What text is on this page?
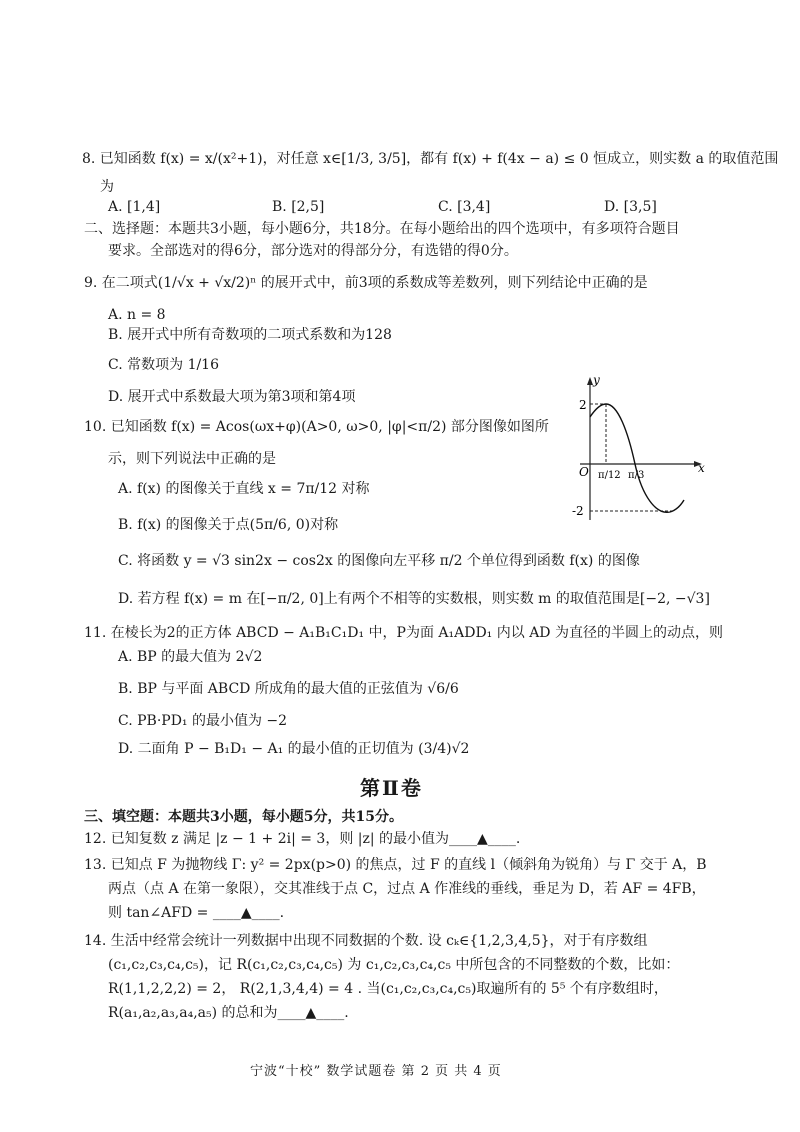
8. 已知函数 f(x) = x/(x²+1)，对任意 x∈[1/3, 3/5]，都有 f(x) + f(4x − a) ≤ 0 恒成立，则实数 a 的取值范围
为
A. [1,4]	B. [2,5]	C. [3,4]	D. [3,5]
二、选择题：本题共3小题，每小题6分，共18分。在每小题给出的四个选项中，有多项符合题目
要求。全部选对的得6分，部分选对的得部分分，有选错的得0分。
9. 在二项式(1/√x + √x/2)ⁿ 的展开式中，前3项的系数成等差数列，则下列结论中正确的是
A. n = 8
B. 展开式中所有奇数项的二项式系数和为128
C. 常数项为 1/16
D. 展开式中系数最大项为第3项和第4项
10. 已知函数 f(x) = Acos(ωx+φ)(A>0, ω>0, |φ|<π/2) 部分图像如图所
示，则下列说法中正确的是
A. f(x) 的图像关于直线 x = 7π/12 对称
B. f(x) 的图像关于点(5π/6, 0)对称
C. 将函数 y = √3 sin2x − cos2x 的图像向左平移 π/2 个单位得到函数 f(x) 的图像
D. 若方程 f(x) = m 在[−π/2, 0]上有两个不相等的实数根，则实数 m 的取值范围是[−2, −√3]
y
x
O
2
-2
π/12 π/3
11. 在棱长为2的正方体 ABCD − A₁B₁C₁D₁ 中，P为面 A₁ADD₁ 内以 AD 为直径的半圆上的动点，则
A. BP 的最大值为 2√2
B. BP 与平面 ABCD 所成角的最大值的正弦值为 √6/6
C. PB·PD₁ 的最小值为 −2
D. 二面角 P − B₁D₁ − A₁ 的最小值的正切值为 (3/4)√2
第Ⅱ卷
三、填空题：本题共3小题，每小题5分，共15分。
12. 已知复数 z 满足 |z − 1 + 2i| = 3，则 |z| 的最小值为____▲____.
13. 已知点 F 为抛物线 Γ: y² = 2px(p>0) 的焦点，过 F 的直线 l（倾斜角为锐角）与 Γ 交于 A，B
两点（点 A 在第一象限），交其准线于点 C，过点 A 作准线的垂线，垂足为 D，若 AF = 4FB，
则 tan∠AFD = ____▲____.
14. 生活中经常会统计一列数据中出现不同数据的个数. 设 cₖ∈{1,2,3,4,5}，对于有序数组
(c₁,c₂,c₃,c₄,c₅)，记 R(c₁,c₂,c₃,c₄,c₅) 为 c₁,c₂,c₃,c₄,c₅ 中所包含的不同整数的个数，比如：
R(1,1,2,2,2) = 2， R(2,1,3,4,4) = 4 . 当(c₁,c₂,c₃,c₄,c₅)取遍所有的 5⁵ 个有序数组时，
R(a₁,a₂,a₃,a₄,a₅) 的总和为____▲____.
宁波“十校” 数学试题卷 第 2 页 共 4 页
